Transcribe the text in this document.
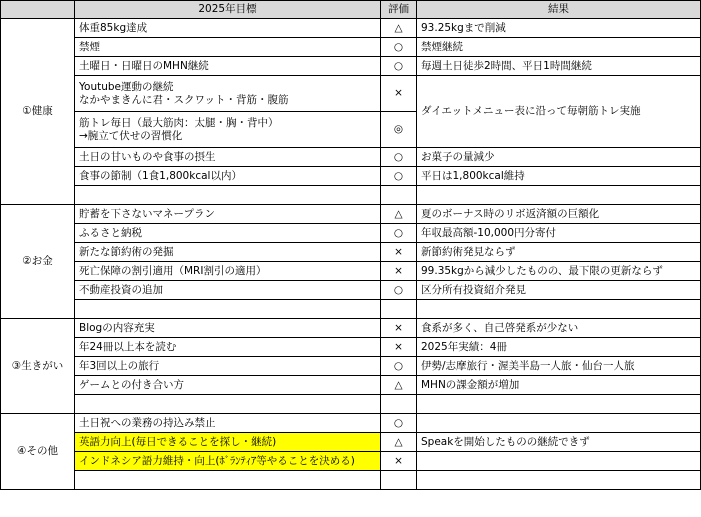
	2025年目標	評価	結果
①健康	体重85kg達成	△	93.25kgまで削減
	禁煙	○	禁煙継続
	土曜日・日曜日のMHN継続	○	毎週土日徒歩2時間、平日1時間継続
	Youtube運動の継続
なかやまきんに君・スクワット・背筋・腹筋	×	ダイエットメニュー表に沿って毎朝筋トレ実施
	筋トレ毎日（最大筋肉：太腿・胸・背中）
→腕立て伏せの習慣化	◎	
	土日の甘いものや食事の摂生	○	お菓子の量減少
	食事の節制（1食1,800kcal以内）	○	平日は1,800kcal維持

②お金	貯蓄を下さないマネープラン	△	夏のボーナス時のリボ返済額の巨額化
	ふるさと納税	○	年収最高額-10,000円分寄付
	新たな節約術の発掘	×	新節約術発見ならず
	死亡保障の割引適用（MRI割引の適用）	×	99.35kgから減少したものの、最下限の更新ならず
	不動産投資の追加	○	区分所有投資紹介発見

③生きがい	Blogの内容充実	×	食系が多く、自己啓発系が少ない
	年24冊以上本を読む	×	2025年実績：4冊
	年3回以上の旅行	○	伊勢/志摩旅行・渥美半島一人旅・仙台一人旅
	ゲームとの付き合い方	△	MHNの課金額が増加

④その他	土日祝への業務の持込み禁止	○	
	英語力向上(毎日できることを探し・継続)	△	Speakを開始したものの継続できず
	インドネシア語力維持・向上(ﾎﾞﾗﾝﾃｨｱ等やることを決める)	×	
